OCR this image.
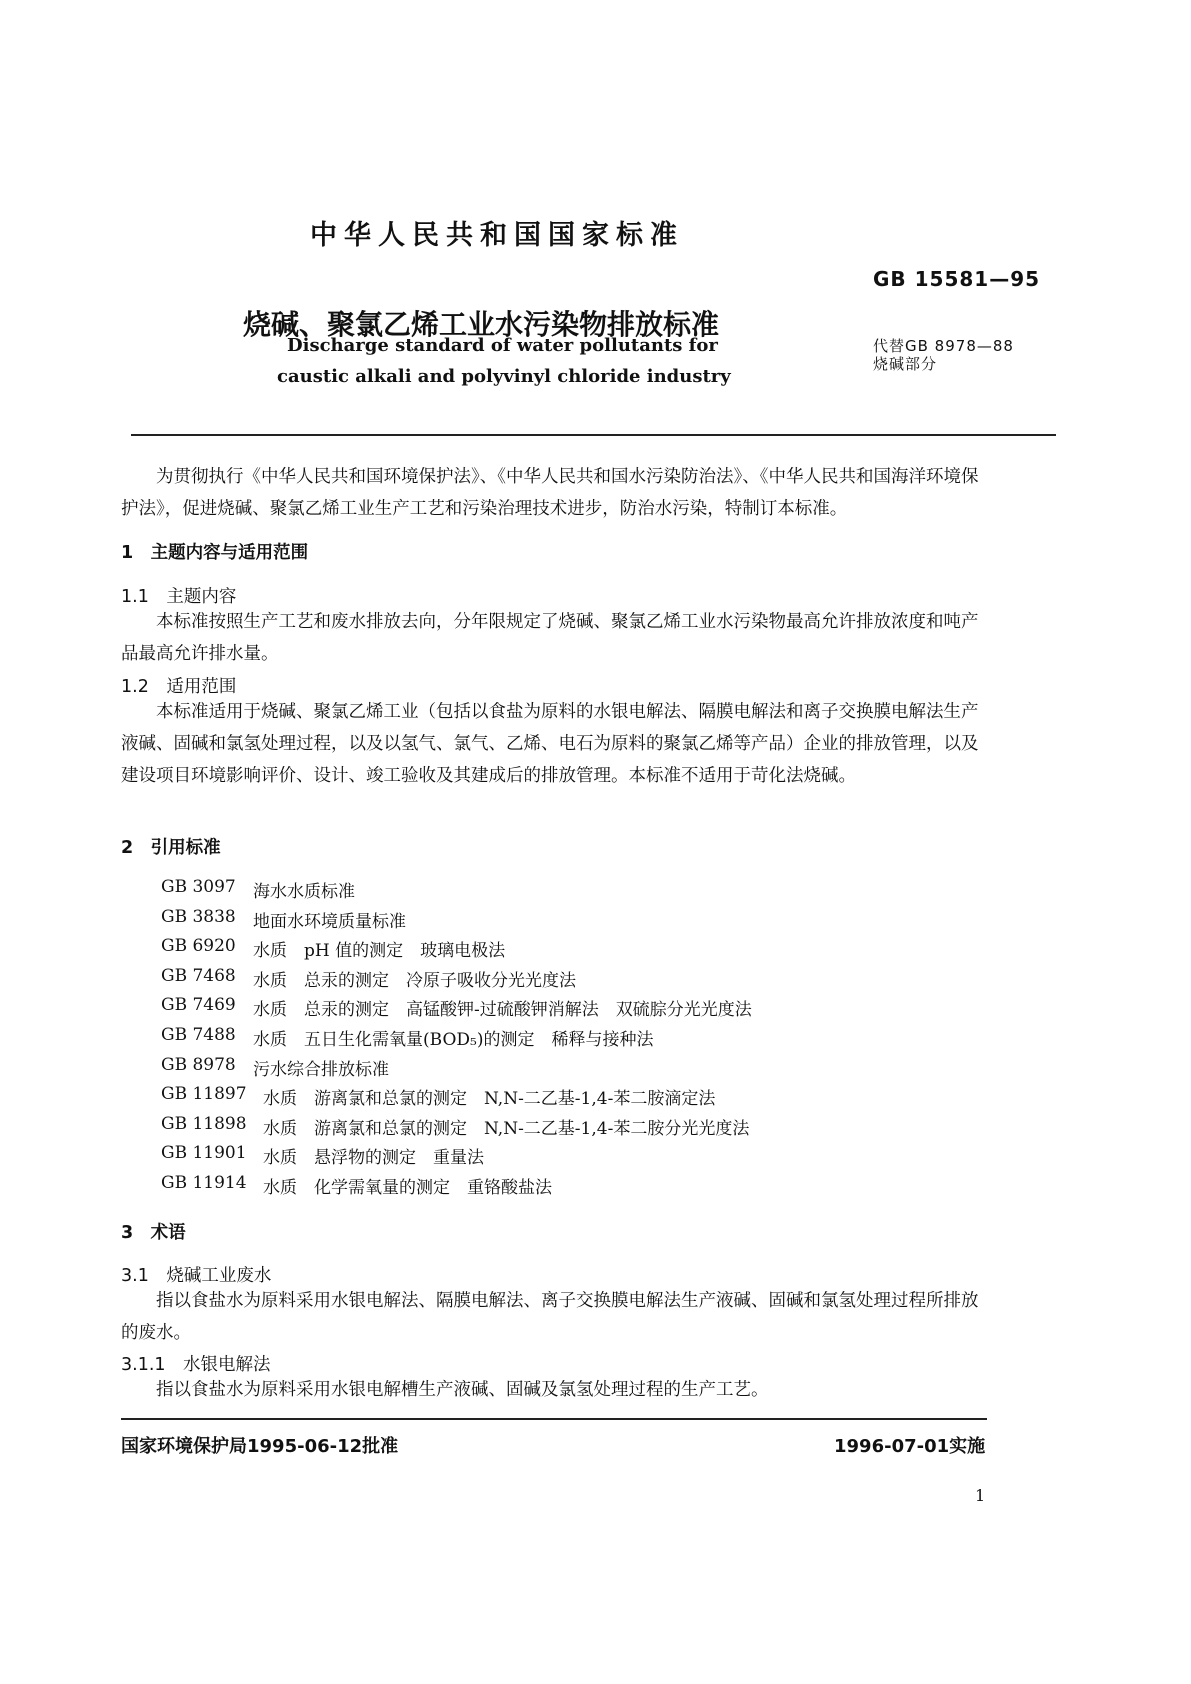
中华人民共和国国家标准
GB 15581—95
烧碱、聚氯乙烯工业水污染物排放标准
代替GB 8978—88
烧碱部分
Discharge standard of water pollutants for
caustic alkali and polyvinyl chloride industry
为贯彻执行《中华人民共和国环境保护法》、《中华人民共和国水污染防治法》、《中华人民共和国海洋环境保护法》，促进烧碱、聚氯乙烯工业生产工艺和污染治理技术进步，防治水污染，特制订本标准。
1　主题内容与适用范围
1.1　主题内容
本标准按照生产工艺和废水排放去向，分年限规定了烧碱、聚氯乙烯工业水污染物最高允许排放浓度和吨产品最高允许排水量。
1.2　适用范围
本标准适用于烧碱、聚氯乙烯工业（包括以食盐为原料的水银电解法、隔膜电解法和离子交换膜电解法生产液碱、固碱和氯氢处理过程，以及以氢气、氯气、乙烯、电石为原料的聚氯乙烯等产品）企业的排放管理，以及建设项目环境影响评价、设计、竣工验收及其建成后的排放管理。本标准不适用于苛化法烧碱。
2　引用标准
GB 3097 海水水质标准
GB 3838 地面水环境质量标准
GB 6920 水质　pH 值的测定　玻璃电极法
GB 7468 水质　总汞的测定　冷原子吸收分光光度法
GB 7469 水质　总汞的测定　高锰酸钾-过硫酸钾消解法　双硫腙分光光度法
GB 7488 水质　五日生化需氧量(BOD₅)的测定　稀释与接种法
GB 8978 污水综合排放标准
GB 11897 水质　游离氯和总氯的测定　N,N-二乙基-1,4-苯二胺滴定法
GB 11898 水质　游离氯和总氯的测定　N,N-二乙基-1,4-苯二胺分光光度法
GB 11901 水质　悬浮物的测定　重量法
GB 11914 水质　化学需氧量的测定　重铬酸盐法
3　术语
3.1　烧碱工业废水
指以食盐水为原料采用水银电解法、隔膜电解法、离子交换膜电解法生产液碱、固碱和氯氢处理过程所排放的废水。
3.1.1　水银电解法
指以食盐水为原料采用水银电解槽生产液碱、固碱及氯氢处理过程的生产工艺。
国家环境保护局1995-06-12批准	1996-07-01实施
1
